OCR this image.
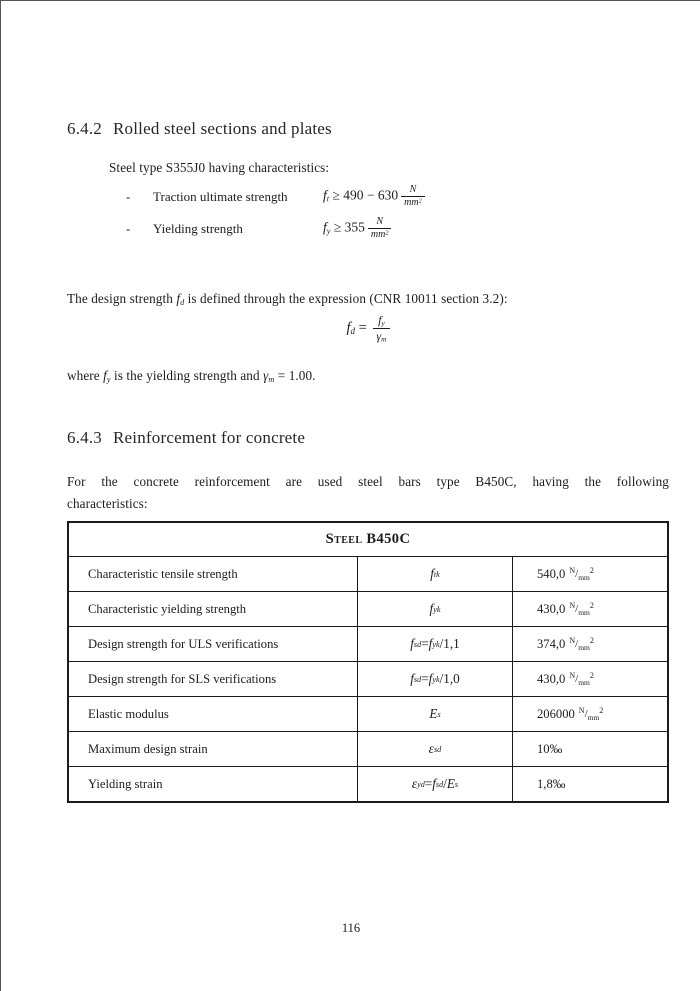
6.4.2 Rolled steel sections and plates
Steel type S355J0 having characteristics:
-	Traction ultimate strength	ft ≥ $490 - 630 \frac{N}{mm^2}$
-	Yielding strength	fy ≥ $355 \frac{N}{mm^2}$
The design strength fd is defined through the expression (CNR 10011 section 3.2):
fd = $\frac{fy}{\gamma m}$
where fy is the yielding strength and γm = 1.00.
6.4.3 Reinforcement for concrete
For the concrete reinforcement are used steel bars type B450C, having the following
characteristics:
Steel B450C
Characteristic tensile strength	f tk	540,0 $^N/_{mm}^2$
Characteristic yielding strength	f yk	430,0 $^N/_{mm}^2$
Design strength for ULS verifications	f sd = f yk /1,1	374,0 $^N/_{mm}^2$
Design strength for SLS verifications	f sd = f yk /1,0	430,0 $^N/_{mm}^2$
Elastic modulus	E s	206000 $^N/_{mm}^2$
Maximum design strain	ε sd	10‰
Yielding strain	ε yd = f sd / E s	1,8‰
116
